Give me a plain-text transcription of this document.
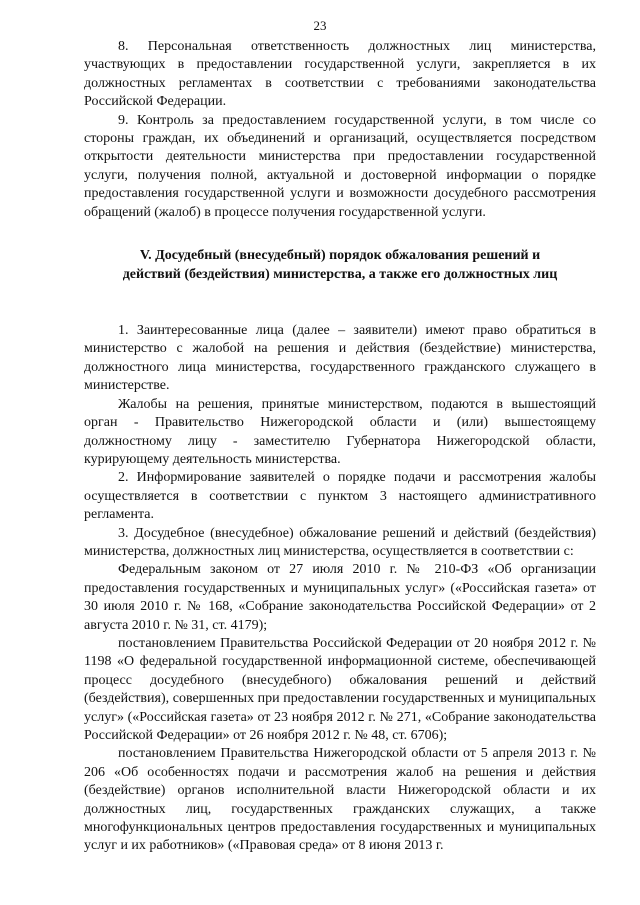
23

8. Персональная ответственность должностных лиц министерства, участвующих в предоставлении государственной услуги, закрепляется в их должностных регламентах в соответствии с требованиями законодательства Российской Федерации.

9. Контроль за предоставлением государственной услуги, в том числе со стороны граждан, их объединений и организаций, осуществляется посредством открытости деятельности министерства при предоставлении государственной услуги, получения полной, актуальной и достоверной информации о порядке предоставления государственной услуги и возможности досудебного рассмотрения обращений (жалоб) в процессе получения государственной услуги.

V. Досудебный (внесудебный) порядок обжалования решений и
действий (бездействия) министерства, а также его должностных лиц

1. Заинтересованные лица (далее – заявители) имеют право обратиться в министерство с жалобой на решения и действия (бездействие) министерства, должностного лица министерства, государственного гражданского служащего в министерстве.

Жалобы на решения, принятые министерством, подаются в вышестоящий орган - Правительство Нижегородской области и (или) вышестоящему должностному лицу - заместителю Губернатора Нижегородской области, курирующему деятельность министерства.

2. Информирование заявителей о порядке подачи и рассмотрения жалобы осуществляется в соответствии с пунктом 3 настоящего административного регламента.

3. Досудебное (внесудебное) обжалование решений и действий (бездействия) министерства, должностных лиц министерства, осуществляется в соответствии с:

Федеральным законом от 27 июля 2010 г. № 210-ФЗ «Об организации предоставления государственных и муниципальных услуг» («Российская газета» от 30 июля 2010 г. № 168, «Собрание законодательства Российской Федерации» от 2 августа 2010 г. № 31, ст. 4179);

постановлением Правительства Российской Федерации от 20 ноября 2012 г. № 1198 «О федеральной государственной информационной системе, обеспечивающей процесс досудебного (внесудебного) обжалования решений и действий (бездействия), совершенных при предоставлении государственных и муниципальных услуг» («Российская газета» от 23 ноября 2012 г. № 271, «Собрание законодательства Российской Федерации» от 26 ноября 2012 г. № 48, ст. 6706);

постановлением Правительства Нижегородской области от 5 апреля 2013 г. № 206 «Об особенностях подачи и рассмотрения жалоб на решения и действия (бездействие) органов исполнительной власти Нижегородской области и их должностных лиц, государственных гражданских служащих, а также многофункциональных центров предоставления государственных и муниципальных услуг и их работников» («Правовая среда» от 8 июня 2013 г.
